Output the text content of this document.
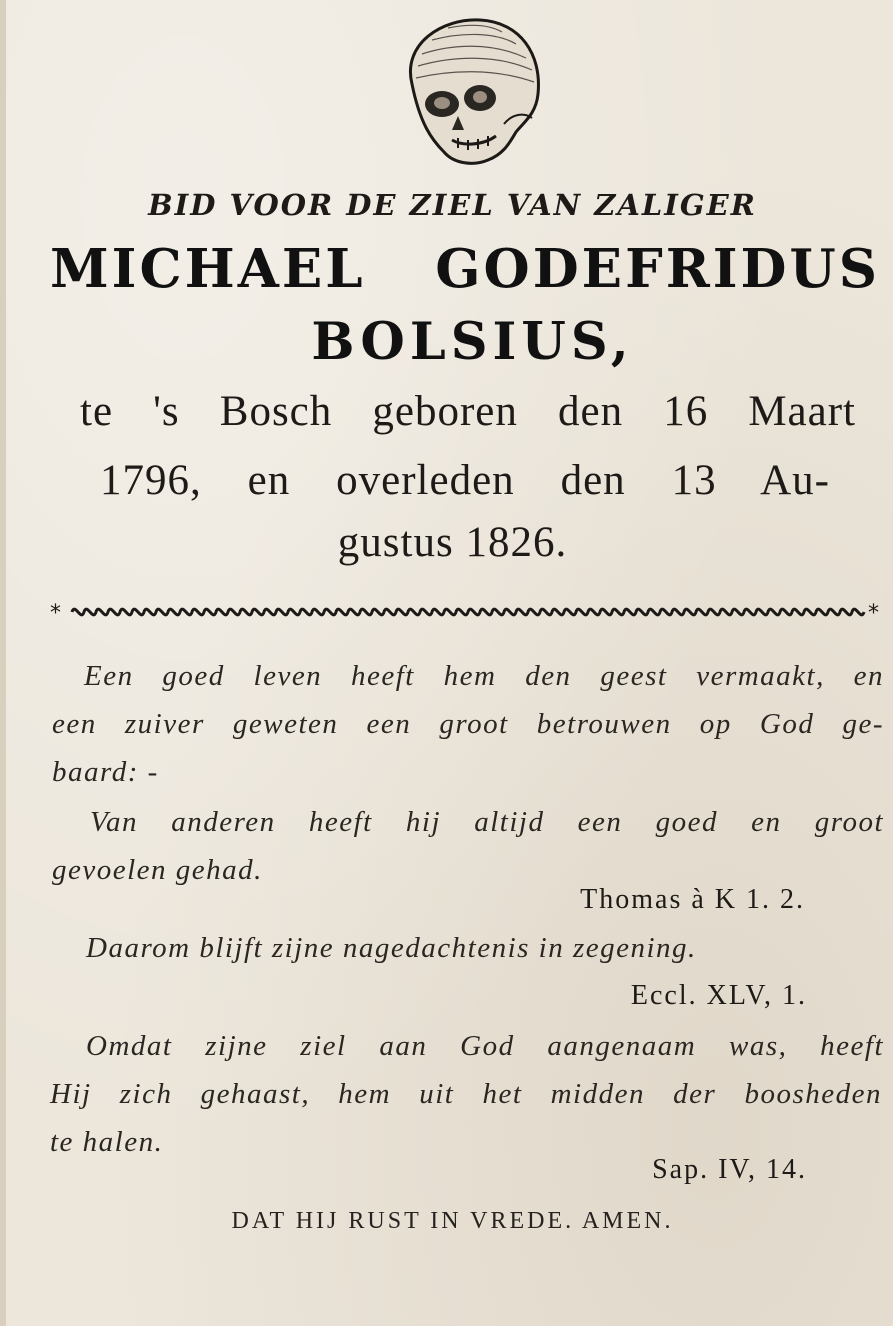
BID VOOR DE ZIEL VAN ZALIGER
MICHAEL GODEFRIDUS
BOLSIUS,
te 's Bosch geboren den 16 Maart
1796, en overleden den 13 Au-
gustus 1826.
*	*
Een goed leven heeft hem den geest vermaakt, en
een zuiver geweten een groot betrouwen op God ge-
baard: -
Van anderen heeft hij altijd een goed en groot
gevoelen gehad.
Thomas à K 1. 2.
Daarom blijft zijne nagedachtenis in zegening.
Eccl. XLV, 1.
Omdat zijne ziel aan God aangenaam was, heeft
Hij zich gehaast, hem uit het midden der boosheden
te halen.
Sap. IV, 14.
DAT HIJ RUST IN VREDE. AMEN.
